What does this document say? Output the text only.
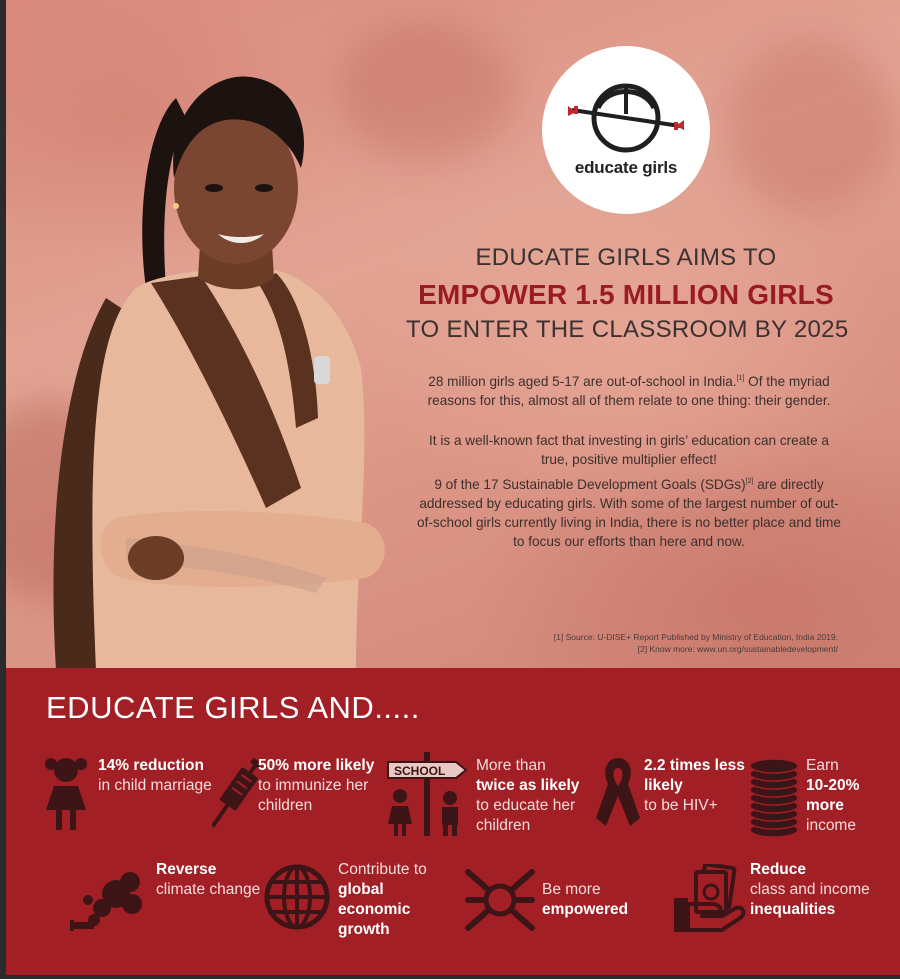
educate girls
EDUCATE GIRLS AIMS TO
EMPOWER 1.5 MILLION GIRLS
TO ENTER THE CLASSROOM BY 2025
28 million girls aged 5-17 are out-of-school in India.[1] Of the myriad reasons for this, almost all of them relate to one thing: their gender.
It is a well-known fact that investing in girls’ education can create a true, positive multiplier effect!
9 of the 17 Sustainable Development Goals (SDGs)[2] are directly addressed by educating girls. With some of the largest number of out-of-school girls currently living in India, there is no better place and time to focus our efforts than here and now.
[1] Source: U-DISE+ Report Published by Ministry of Education, India 2019.
[2] Know more: www.un.org/sustainabledevelopment/
EDUCATE GIRLS AND.....
14% reduction
in child marriage
50% more likely
to immunize her children
SCHOOL More than
twice as likely
to educate her children
2.2 times less likely
to be HIV+
Earn
10-20% more
income
Reverse
climate change
Contribute to global economic growth
Be more
empowered
Reduce
class and income
inequalities
